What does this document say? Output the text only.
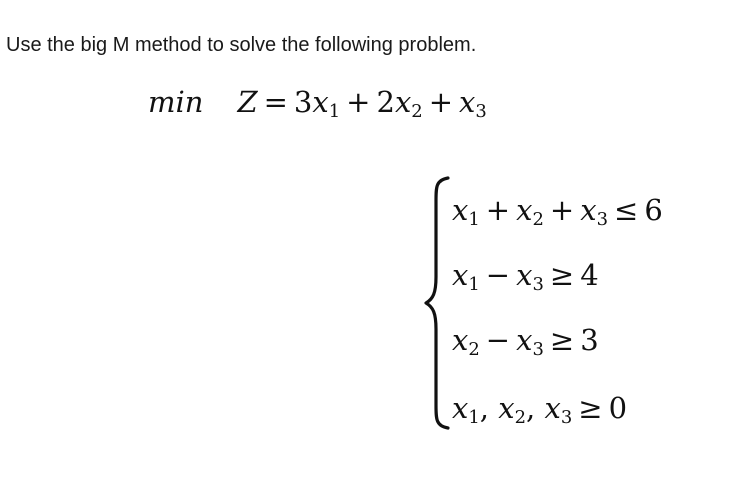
Use the big M method to solve the following problem.
$\min Z = 3x_1 + 2x_2 + x_3$
$x_1 + x_2 + x_3 \le 6$
$x_1 - x_3 \ge 4$
$x_2 - x_3 \ge 3$
$x_1$, $x_2$, $x_3 \ge 0$
